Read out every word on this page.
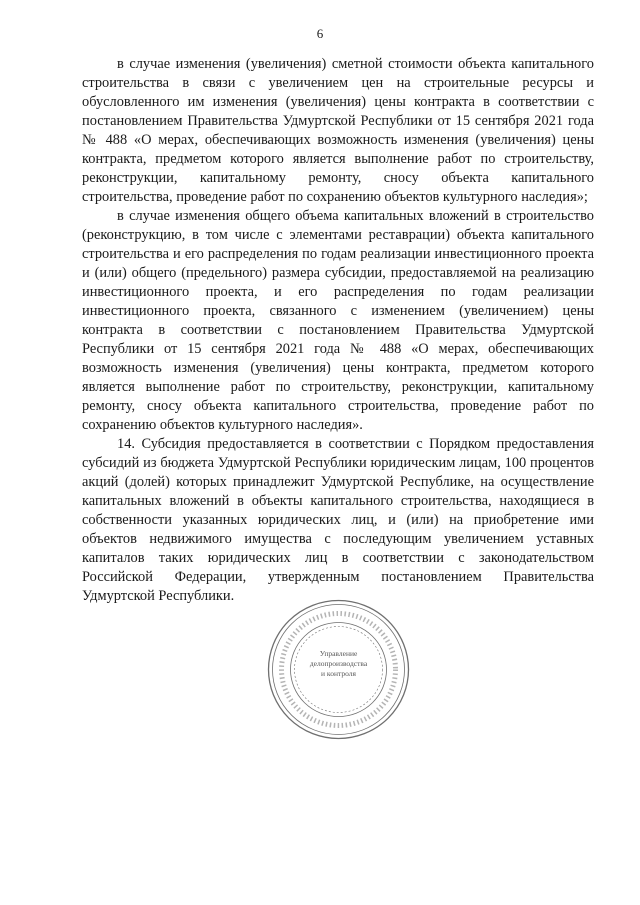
6

в случае изменения (увеличения) сметной стоимости объекта капитального строительства в связи с увеличением цен на строительные ресурсы и обусловленного им изменения (увеличения) цены контракта в соответствии с постановлением Правительства Удмуртской Республики от 15 сентября 2021 года № 488 «О мерах, обеспечивающих возможность изменения (увеличения) цены контракта, предметом которого является выполнение работ по строительству, реконструкции, капитальному ремонту, сносу объекта капитального строительства, проведение работ по сохранению объектов культурного наследия»;

в случае изменения общего объема капитальных вложений в строительство (реконструкцию, в том числе с элементами реставрации) объекта капитального строительства и его распределения по годам реализации инвестиционного проекта и (или) общего (предельного) размера субсидии, предоставляемой на реализацию инвестиционного проекта, и его распределения по годам реализации инвестиционного проекта, связанного с изменением (увеличением) цены контракта в соответствии с постановлением Правительства Удмуртской Республики от 15 сентября 2021 года № 488 «О мерах, обеспечивающих возможность изменения (увеличения) цены контракта, предметом которого является выполнение работ по строительству, реконструкции, капитальному ремонту, сносу объекта капитального строительства, проведение работ по сохранению объектов культурного наследия».

14. Субсидия предоставляется в соответствии с Порядком предоставления субсидий из бюджета Удмуртской Республики юридическим лицам, 100 процентов акций (долей) которых принадлежит Удмуртской Республике, на осуществление капитальных вложений в объекты капитального строительства, находящиеся в собственности указанных юридических лиц, и (или) на приобретение ими объектов недвижимого имущества с последующим увеличением уставных капиталов таких юридических лиц в соответствии с законодательством Российской Федерации, утвержденным постановлением Правительства Удмуртской Республики.

Управление
делопроизводства
и контроля
